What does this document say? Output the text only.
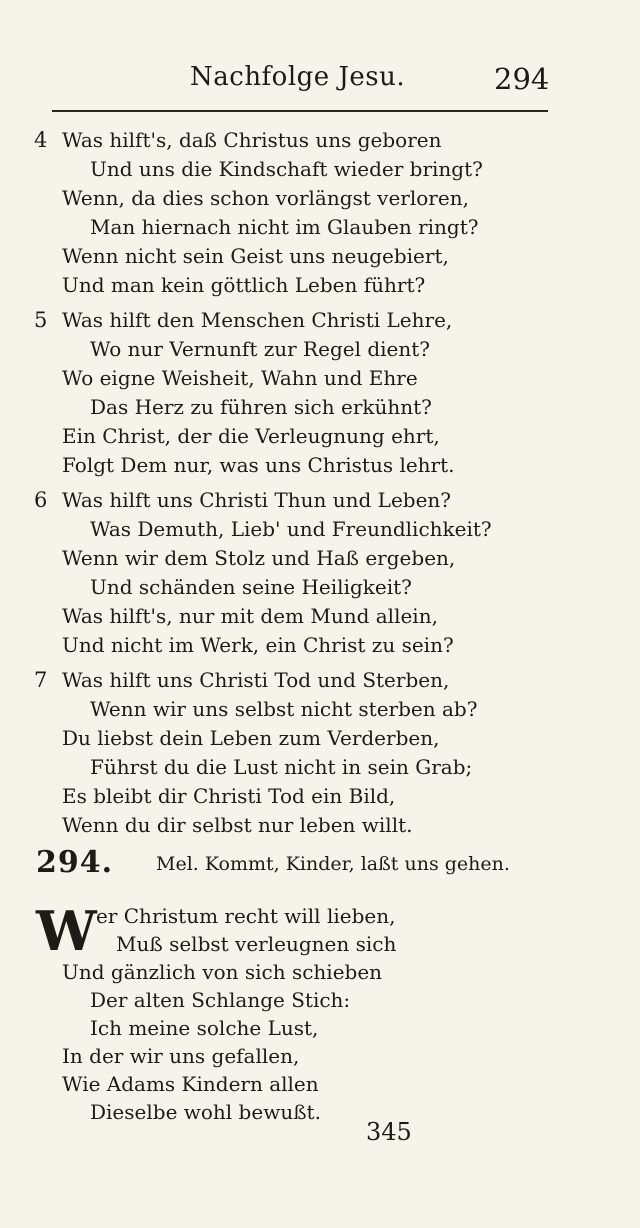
Nachfolge Jesu.	294
4 Was hilft's, daß Christus uns geboren
Und uns die Kindschaft wieder bringt?
Wenn, da dies schon vorlängst verloren,
Man hiernach nicht im Glauben ringt?
Wenn nicht sein Geist uns neugebiert,
Und man kein göttlich Leben führt?
5 Was hilft den Menschen Christi Lehre,
Wo nur Vernunft zur Regel dient?
Wo eigne Weisheit, Wahn und Ehre
Das Herz zu führen sich erkühnt?
Ein Christ, der die Verleugnung ehrt,
Folgt Dem nur, was uns Christus lehrt.
6 Was hilft uns Christi Thun und Leben?
Was Demuth, Lieb' und Freundlichkeit?
Wenn wir dem Stolz und Haß ergeben,
Und schänden seine Heiligkeit?
Was hilft's, nur mit dem Mund allein,
Und nicht im Werk, ein Christ zu sein?
7 Was hilft uns Christi Tod und Sterben,
Wenn wir uns selbst nicht sterben ab?
Du liebst dein Leben zum Verderben,
Führst du die Lust nicht in sein Grab;
Es bleibt dir Christi Tod ein Bild,
Wenn du dir selbst nur leben willt.
294. Mel. Kommt, Kinder, laßt uns gehen.
W er Christum recht will lieben,
Muß selbst verleugnen sich
Und gänzlich von sich schieben
Der alten Schlange Stich:
Ich meine solche Lust,
In der wir uns gefallen,
Wie Adams Kindern allen
Dieselbe wohl bewußt.
345
